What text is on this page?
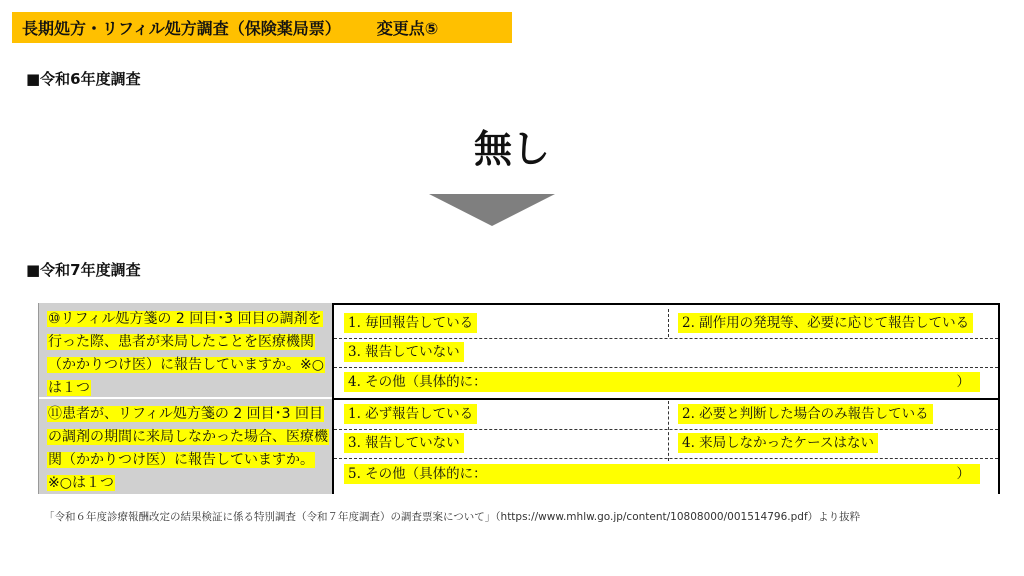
長期処方・リフィル処方調査（保険薬局票） 変更点⑤
■令和6年度調査
無し
■令和7年度調査
⑩リフィル処方箋の 2 回目･3 回目の調剤を行った際、患者が来局したことを医療機関（かかりつけ医）に報告していますか。※○は１つ
⑪患者が、リフィル処方箋の 2 回目･3 回目の調剤の期間に来局しなかった場合、医療機関（かかりつけ医）に報告していますか。※○は１つ
1. 毎回報告している	2. 副作用の発現等、必要に応じて報告している
3. 報告していない
4. その他（具体的に：	）
1. 必ず報告している	2. 必要と判断した場合のみ報告している
3. 報告していない	4. 来局しなかったケースはない
5. その他（具体的に：	）
「令和６年度診療報酬改定の結果検証に係る特別調査（令和７年度調査）の調査票案について」（https://www.mhlw.go.jp/content/10808000/001514796.pdf）より抜粋
